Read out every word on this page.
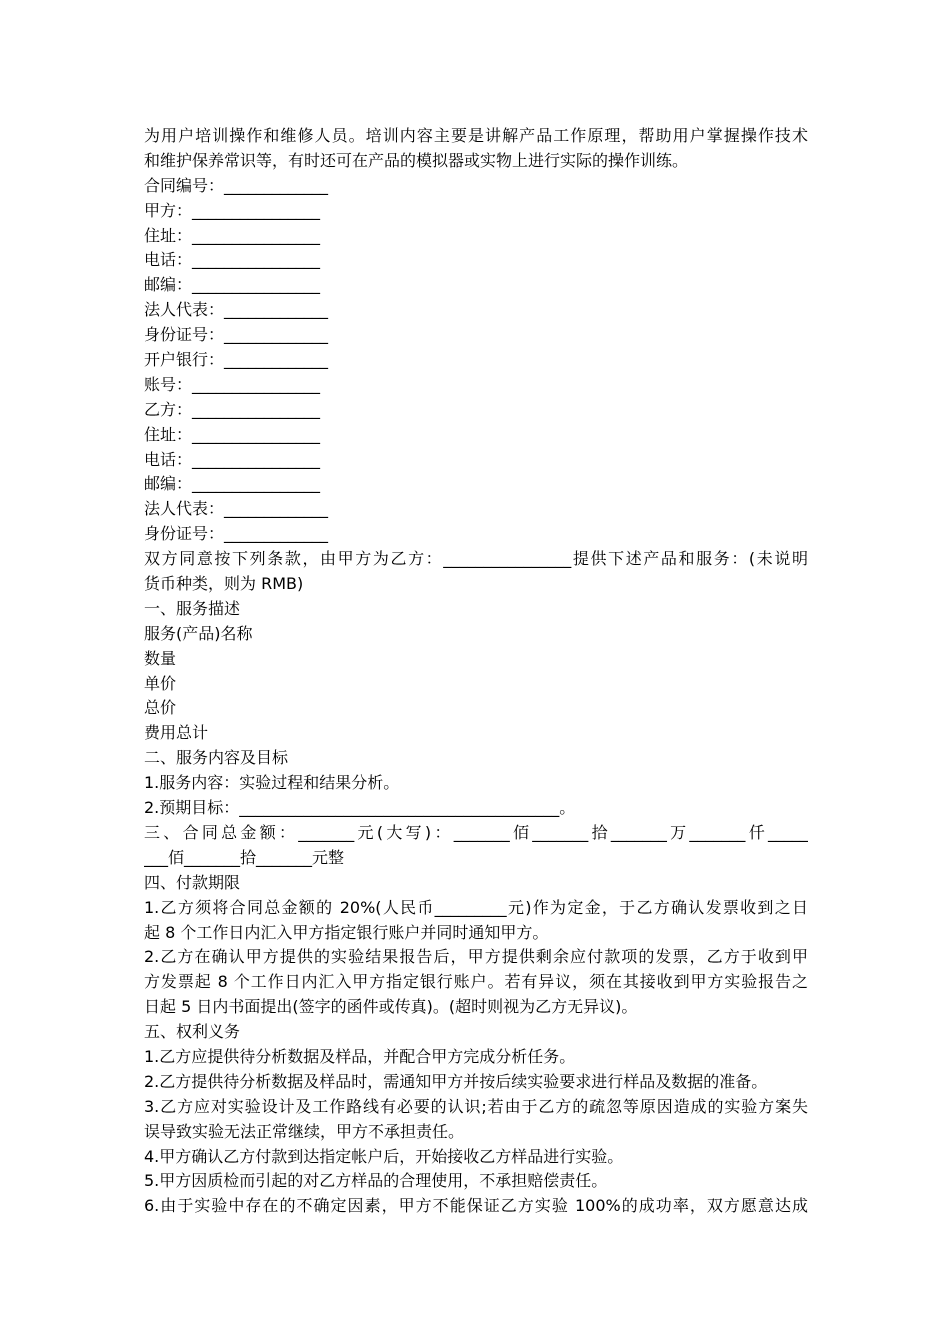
为用户培训操作和维修人员。培训内容主要是讲解产品工作原理，帮助用户掌握操作技术
和维护保养常识等，有时还可在产品的模拟器或实物上进行实际的操作训练。
合同编号：_____________
甲方：________________
住址：________________
电话：________________
邮编：________________
法人代表：_____________
身份证号：_____________
开户银行：_____________
账号：________________
乙方：________________
住址：________________
电话：________________
邮编：________________
法人代表：_____________
身份证号：_____________
双方同意按下列条款，由甲方为乙方：________________提供下述产品和服务：(未说明
货币种类，则为 RMB)
一、服务描述
服务(产品)名称
数量
单价
总价
费用总计
二、服务内容及目标
1.服务内容：实验过程和结果分析。
2.预期目标：________________________________________。
三、合同总金额：_______元(大写)：_______佰_______拾_______万_______仟_____
___佰_______拾_______元整
四、付款期限
1.乙方须将合同总金额的 20%(人民币_________元)作为定金，于乙方确认发票收到之日
起 8 个工作日内汇入甲方指定银行账户并同时通知甲方。
2.乙方在确认甲方提供的实验结果报告后，甲方提供剩余应付款项的发票，乙方于收到甲
方发票起 8 个工作日内汇入甲方指定银行账户。若有异议，须在其接收到甲方实验报告之
日起 5 日内书面提出(签字的函件或传真)。(超时则视为乙方无异议)。
五、权利义务
1.乙方应提供待分析数据及样品，并配合甲方完成分析任务。
2.乙方提供待分析数据及样品时，需通知甲方并按后续实验要求进行样品及数据的准备。
3.乙方应对实验设计及工作路线有必要的认识;若由于乙方的疏忽等原因造成的实验方案失
误导致实验无法正常继续，甲方不承担责任。
4.甲方确认乙方付款到达指定帐户后，开始接收乙方样品进行实验。
5.甲方因质检而引起的对乙方样品的合理使用，不承担赔偿责任。
6.由于实验中存在的不确定因素，甲方不能保证乙方实验 100%的成功率，双方愿意达成
